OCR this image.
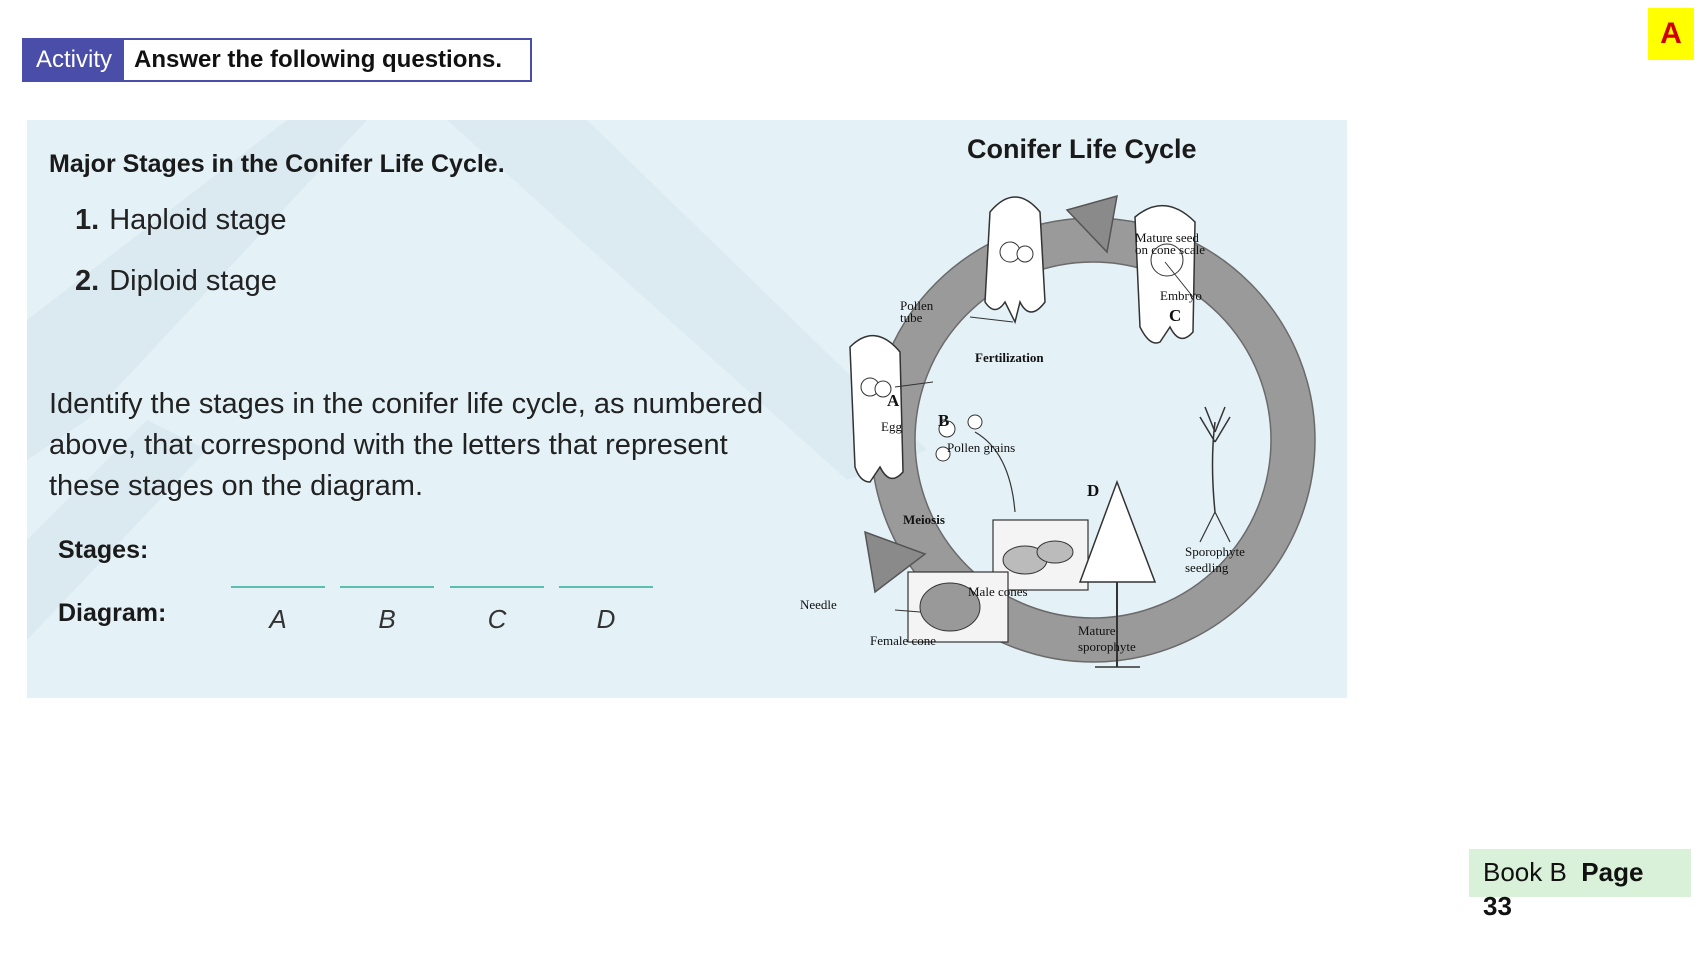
Activity Answer the following questions.
A
Major Stages in the Conifer Life Cycle.
1. Haploid stage
2. Diploid stage
Identify the stages in the conifer life cycle, as numbered above, that correspond with the letters that represent these stages on the diagram.
Stages:
Diagram:	A	B	C	D
Conifer Life Cycle
Mature seed
on cone scale
Embryo
C
Pollen
tube
Fertilization
A
Egg B
Pollen grains
D
Meiosis
Sporophyte
seedling
Needle
Male cones
Female cone
Mature
sporophyte
Book B Page
33
